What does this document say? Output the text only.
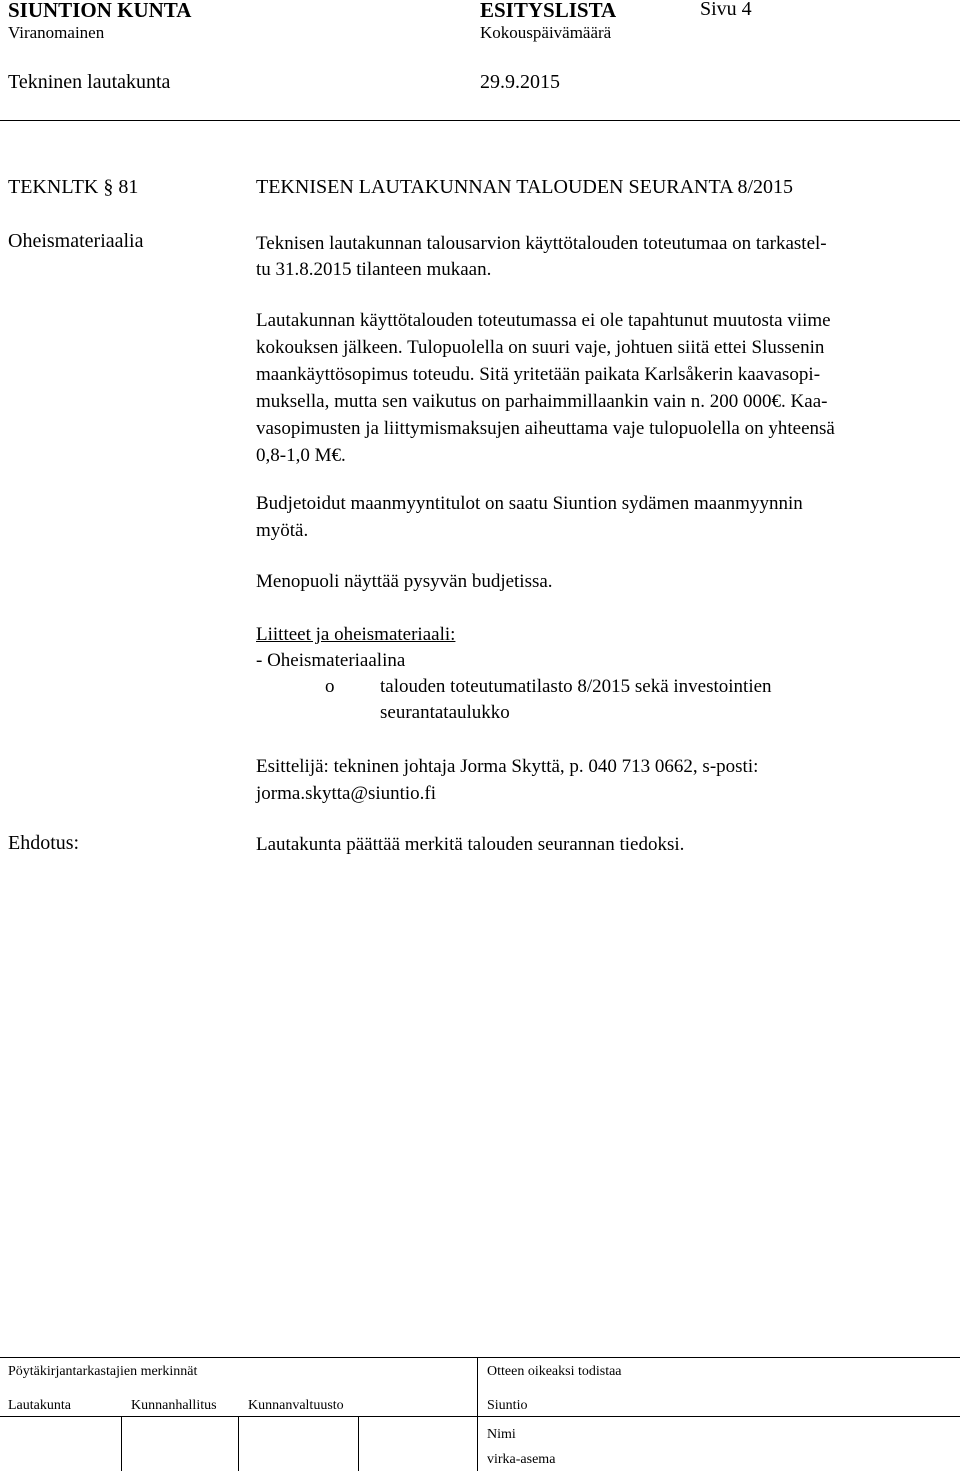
SIUNTION KUNTA	ESITYSLISTA	Sivu 4
Viranomainen	Kokouspäivämäärä
Tekninen lautakunta	29.9.2015
TEKNLTK § 81	TEKNISEN LAUTAKUNNAN TALOUDEN SEURANTA 8/2015
Oheismateriaalia	Teknisen lautakunnan talousarvion käyttötalouden toteutumaa on tarkastel-
tu 31.8.2015 tilanteen mukaan.
Lautakunnan käyttötalouden toteutumassa ei ole tapahtunut muutosta viime
kokouksen jälkeen. Tulopuolella on suuri vaje, johtuen siitä ettei Slussenin
maankäyttösopimus toteudu. Sitä yritetään paikata Karlsåkerin kaavasopi-
muksella, mutta sen vaikutus on parhaimmillaankin vain n. 200 000€. Kaa-
vasopimusten ja liittymismaksujen aiheuttama vaje tulopuolella on yhteensä
0,8-1,0 M€.
Budjetoidut maanmyyntitulot on saatu Siuntion sydämen maanmyynnin
myötä.
Menopuoli näyttää pysyvän budjetissa.
Liitteet ja oheismateriaali:
- Oheismateriaalina
o talouden toteutumatilasto 8/2015 sekä investointien
seurantataulukko
Esittelijä: tekninen johtaja Jorma Skyttä, p. 040 713 0662, s-posti:
jorma.skytta@siuntio.fi
Ehdotus:	Lautakunta päättää merkitä talouden seurannan tiedoksi.
Pöytäkirjantarkastajien merkinnät	Otteen oikeaksi todistaa
Lautakunta	Kunnanhallitus Kunnanvaltuusto	Siuntio
Nimi
virka-asema
